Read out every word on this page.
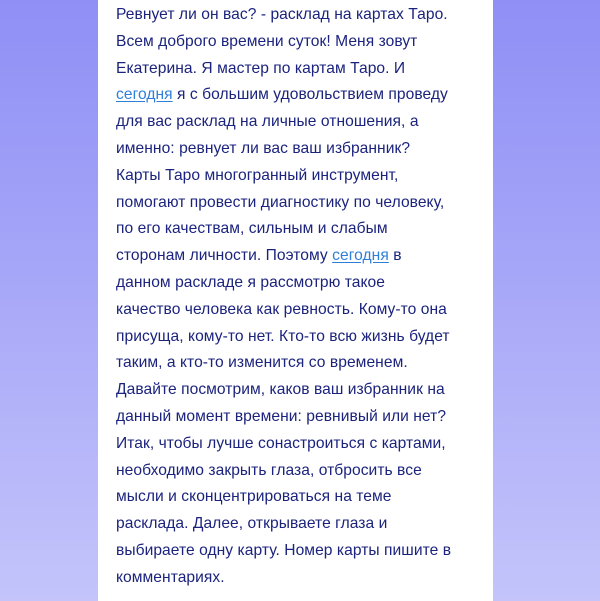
Ревнует ли он вас? - расклад на картах Таро.
Всем доброго времени суток! Меня зовут
Екатерина. Я мастер по картам Таро. И
сегодня я с большим удовольствием проведу
для вас расклад на личные отношения, а
именно: ревнует ли вас ваш избранник?
Карты Таро многогранный инструмент,
помогают провести диагностику по человеку,
по его качествам, сильным и слабым
сторонам личности. Поэтому сегодня в
данном раскладе я рассмотрю такое
качество человека как ревность. Кому-то она
присуща, кому-то нет. Кто-то всю жизнь будет
таким, а кто-то изменится со временем.
Давайте посмотрим, каков ваш избранник на
данный момент времени: ревнивый или нет?
Итак, чтобы лучше сонастроиться с картами,
необходимо закрыть глаза, отбросить все
мысли и сконцентрироваться на теме
расклада. Далее, открываете глаза и
выбираете одну карту. Номер карты пишите в
комментариях.
